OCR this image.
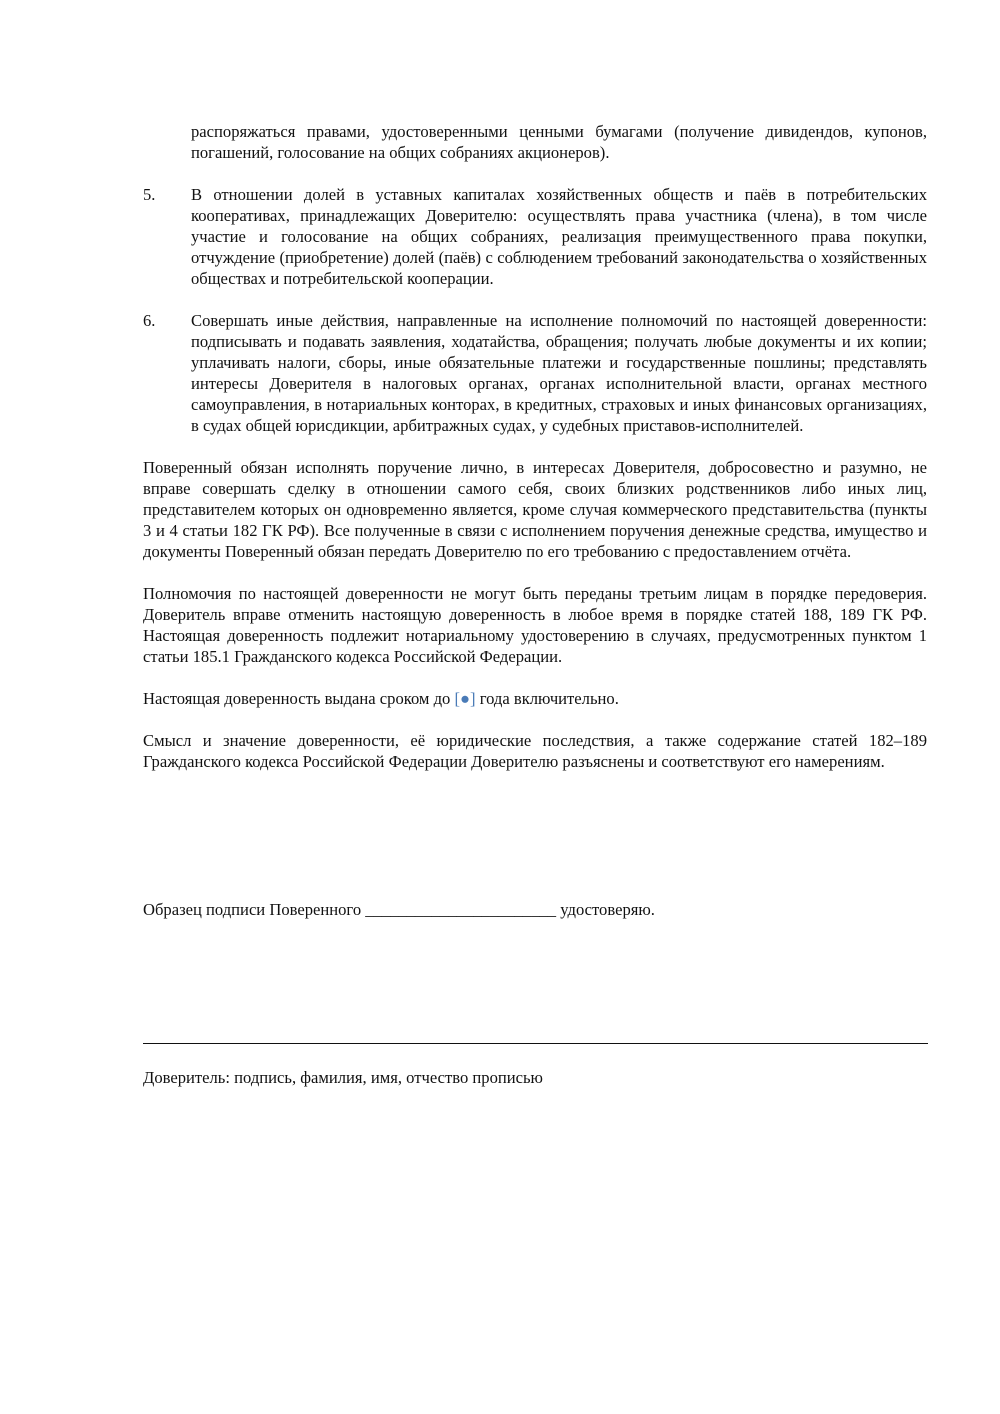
распоряжаться правами, удостоверенными ценными бумагами (получение дивидендов, купонов, погашений, голосование на общих собраниях акционеров).

5.	В отношении долей в уставных капиталах хозяйственных обществ и паёв в потребительских кооперативах, принадлежащих Доверителю: осуществлять права участника (члена), в том числе участие и голосование на общих собраниях, реализация преимущественного права покупки, отчуждение (приобретение) долей (паёв) с соблюдением требований законодательства о хозяйственных обществах и потребительской кооперации.
6.	Совершать иные действия, направленные на исполнение полномочий по настоящей доверенности: подписывать и подавать заявления, ходатайства, обращения; получать любые документы и их копии; уплачивать налоги, сборы, иные обязательные платежи и государственные пошлины; представлять интересы Доверителя в налоговых органах, органах исполнительной власти, органах местного самоуправления, в нотариальных конторах, в кредитных, страховых и иных финансовых организациях, в судах общей юрисдикции, арбитражных судах, у судебных приставов-исполнителей.

Поверенный обязан исполнять поручение лично, в интересах Доверителя, добросовестно и разумно, не вправе совершать сделку в отношении самого себя, своих близких родственников либо иных лиц, представителем которых он одновременно является, кроме случая коммерческого представительства (пункты 3 и 4 статьи 182 ГК РФ). Все полученные в связи с исполнением поручения денежные средства, имущество и документы Поверенный обязан передать Доверителю по его требованию с предоставлением отчёта.

Полномочия по настоящей доверенности не могут быть переданы третьим лицам в порядке передоверия. Доверитель вправе отменить настоящую доверенность в любое время в порядке статей 188, 189 ГК РФ. Настоящая доверенность подлежит нотариальному удостоверению в случаях, предусмотренных пунктом 1 статьи 185.1 Гражданского кодекса Российской Федерации.

Настоящая доверенность выдана сроком до [●] года включительно.

Смысл и значение доверенности, её юридические последствия, а также содержание статей 182–189 Гражданского кодекса Российской Федерации Доверителю разъяснены и соответствуют его намерениям.

Образец подписи Поверенного _______________________ удостоверяю.
Доверитель: подпись, фамилия, имя, отчество прописью
